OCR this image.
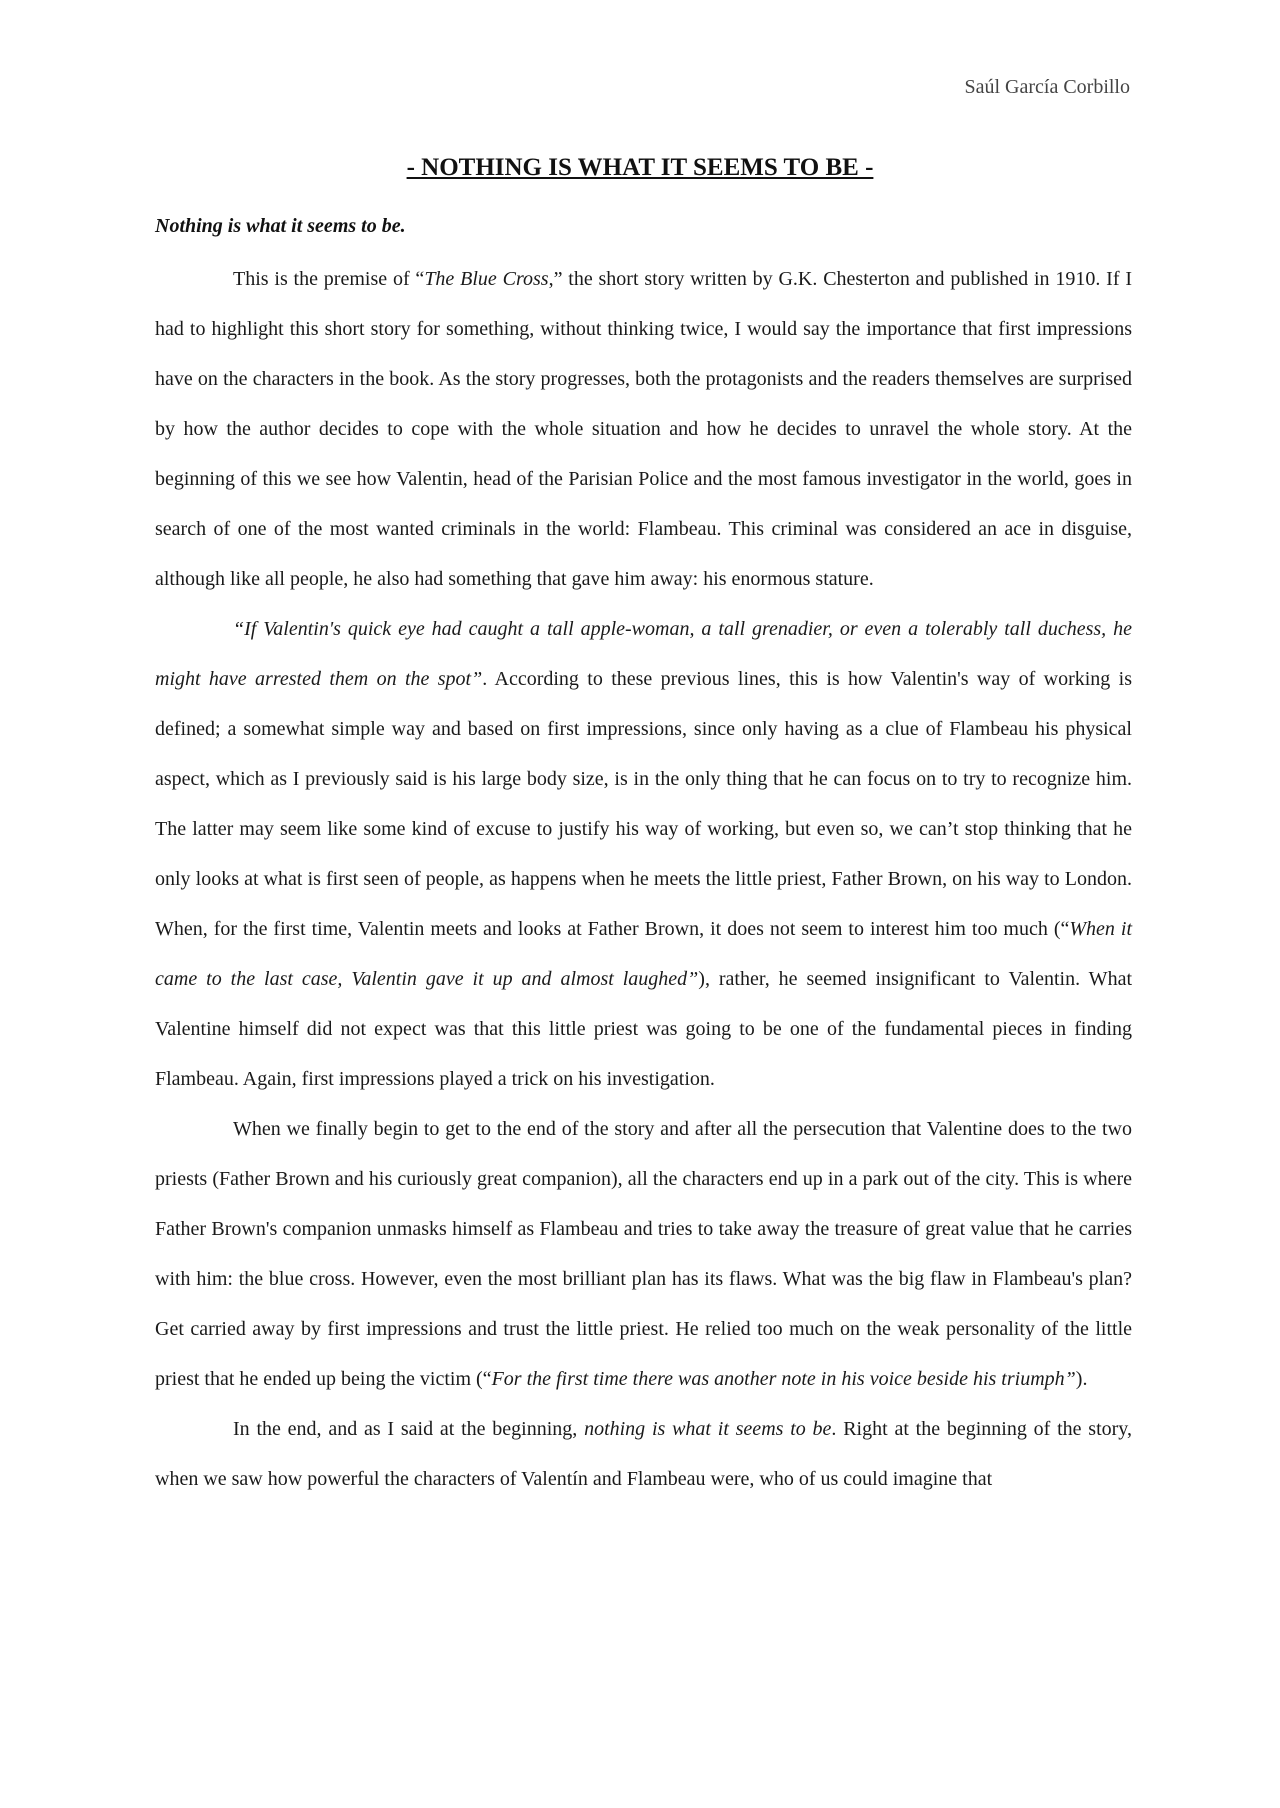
Saúl García Corbillo
- NOTHING IS WHAT IT SEEMS TO BE -
Nothing is what it seems to be.

This is the premise of “The Blue Cross,” the short story written by G.K. Chesterton and published in 1910. If I had to highlight this short story for something, without thinking twice, I would say the importance that first impressions have on the characters in the book. As the story progresses, both the protagonists and the readers themselves are surprised by how the author decides to cope with the whole situation and how he decides to unravel the whole story. At the beginning of this we see how Valentin, head of the Parisian Police and the most famous investigator in the world, goes in search of one of the most wanted criminals in the world: Flambeau. This criminal was considered an ace in disguise, although like all people, he also had something that gave him away: his enormous stature.

“If Valentin's quick eye had caught a tall apple-woman, a tall grenadier, or even a tolerably tall duchess, he might have arrested them on the spot”. According to these previous lines, this is how Valentin's way of working is defined; a somewhat simple way and based on first impressions, since only having as a clue of Flambeau his physical aspect, which as I previously said is his large body size, is in the only thing that he can focus on to try to recognize him. The latter may seem like some kind of excuse to justify his way of working, but even so, we can’t stop thinking that he only looks at what is first seen of people, as happens when he meets the little priest, Father Brown, on his way to London. When, for the first time, Valentin meets and looks at Father Brown, it does not seem to interest him too much (“When it came to the last case, Valentin gave it up and almost laughed”), rather, he seemed insignificant to Valentin. What Valentine himself did not expect was that this little priest was going to be one of the fundamental pieces in finding Flambeau. Again, first impressions played a trick on his investigation.

When we finally begin to get to the end of the story and after all the persecution that Valentine does to the two priests (Father Brown and his curiously great companion), all the characters end up in a park out of the city. This is where Father Brown's companion unmasks himself as Flambeau and tries to take away the treasure of great value that he carries with him: the blue cross. However, even the most brilliant plan has its flaws. What was the big flaw in Flambeau's plan? Get carried away by first impressions and trust the little priest. He relied too much on the weak personality of the little priest that he ended up being the victim (“For the first time there was another note in his voice beside his triumph”).

In the end, and as I said at the beginning, nothing is what it seems to be. Right at the beginning of the story, when we saw how powerful the characters of Valentín and Flambeau were, who of us could imagine that
